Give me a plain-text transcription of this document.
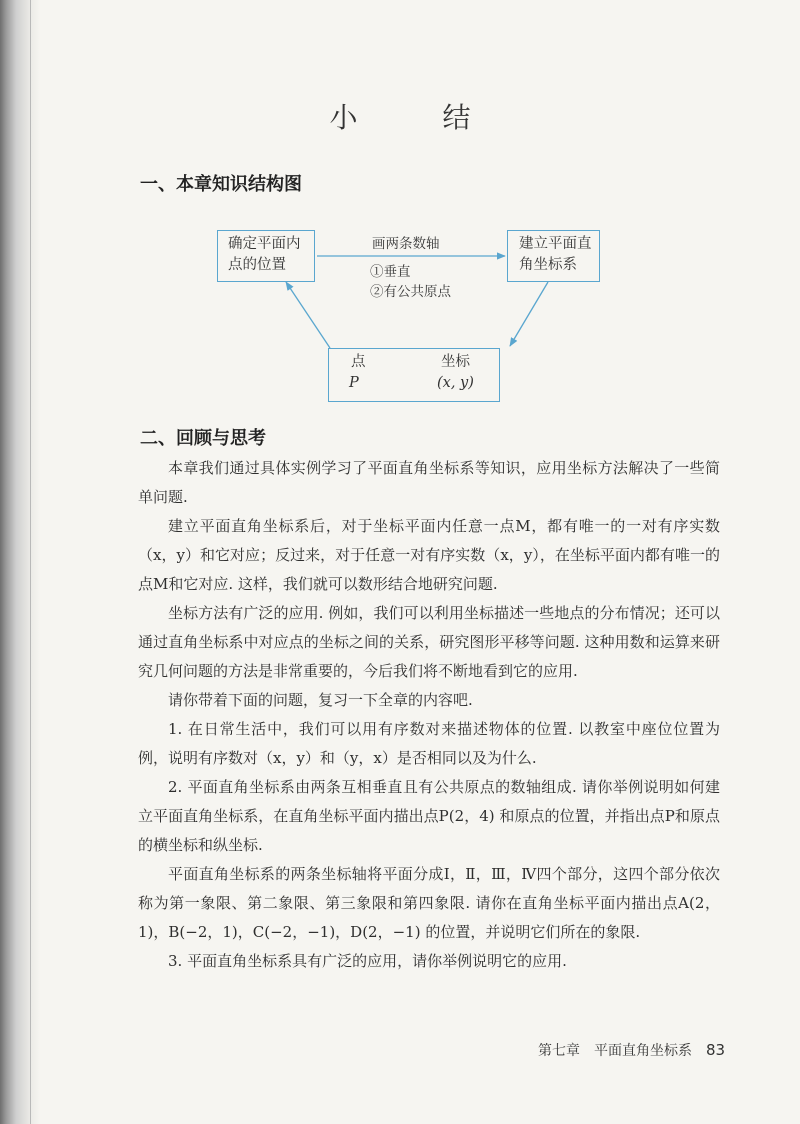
小 结
一、本章知识结构图
确定平面内
点的位置
建立平面直
角坐标系
画两条数轴
①垂直
②有公共原点
点
P
坐标
(x, y)
二、回顾与思考

本章我们通过具体实例学习了平面直角坐标系等知识，应用坐标方法解决了一些简单问题.

建立平面直角坐标系后，对于坐标平面内任意一点M，都有唯一的一对有序实数（x，y）和它对应；反过来，对于任意一对有序实数（x，y），在坐标平面内都有唯一的点M和它对应. 这样，我们就可以数形结合地研究问题.

坐标方法有广泛的应用. 例如，我们可以利用坐标描述一些地点的分布情况；还可以通过直角坐标系中对应点的坐标之间的关系，研究图形平移等问题. 这种用数和运算来研究几何问题的方法是非常重要的，今后我们将不断地看到它的应用.

请你带着下面的问题，复习一下全章的内容吧.

1. 在日常生活中，我们可以用有序数对来描述物体的位置. 以教室中座位位置为例，说明有序数对（x，y）和（y，x）是否相同以及为什么.

2. 平面直角坐标系由两条互相垂直且有公共原点的数轴组成. 请你举例说明如何建立平面直角坐标系，在直角坐标平面内描出点P(2，4) 和原点的位置，并指出点P和原点的横坐标和纵坐标.

平面直角坐标系的两条坐标轴将平面分成Ⅰ，Ⅱ，Ⅲ，Ⅳ四个部分，这四个部分依次称为第一象限、第二象限、第三象限和第四象限. 请你在直角坐标平面内描出点A(2，1)，B(−2，1)，C(−2，−1)，D(2，−1) 的位置，并说明它们所在的象限.

3. 平面直角坐标系具有广泛的应用，请你举例说明它的应用.

第七章　平面直角坐标系 83
